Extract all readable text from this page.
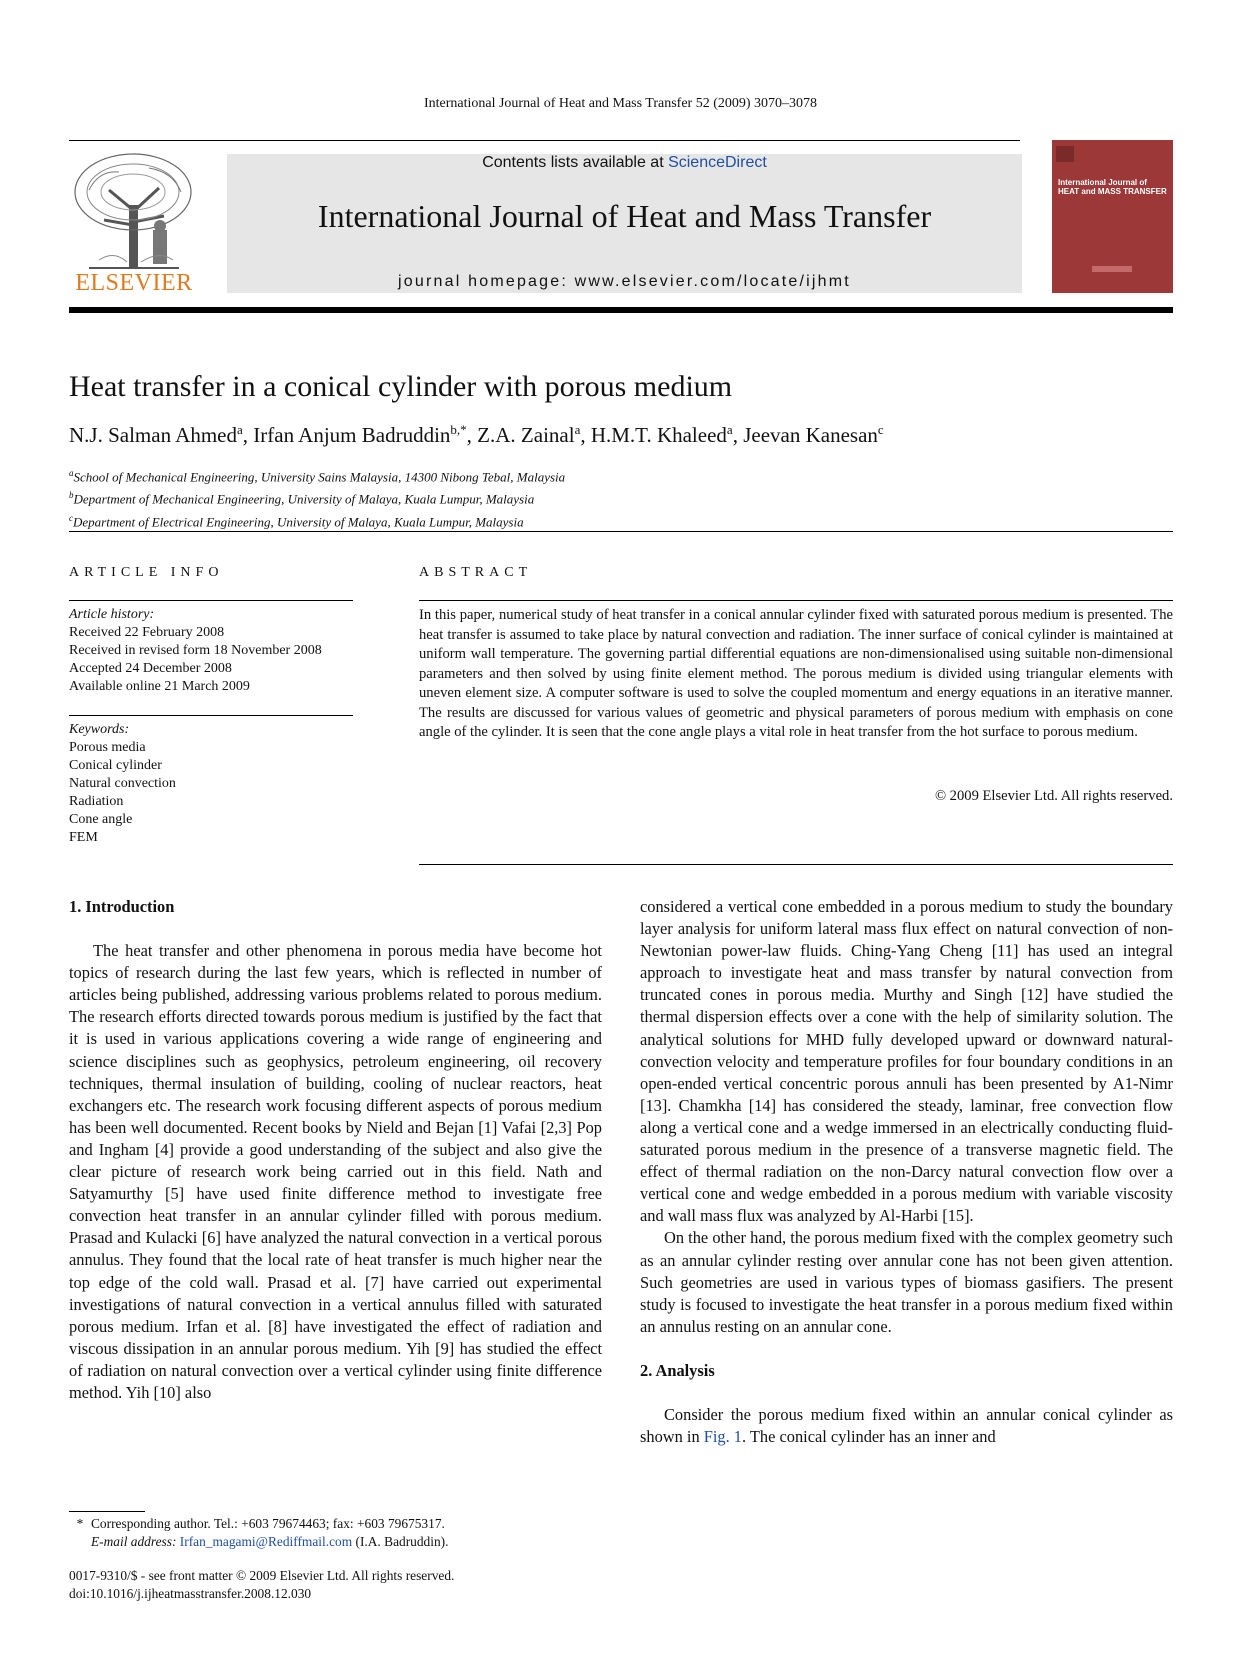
International Journal of Heat and Mass Transfer 52 (2009) 3070–3078
ELSEVIER
Contents lists available at ScienceDirect
International Journal of Heat and Mass Transfer
journal homepage: www.elsevier.com/locate/ijhmt
International Journal of HEAT and MASS TRANSFER
Heat transfer in a conical cylinder with porous medium
N.J. Salman Ahmed$^a$, Irfan Anjum Badruddin$^{b,*}$, Z.A. Zainal$^a$, H.M.T. Khaleed$^a$, Jeevan Kanesan$^c$
$^a$School of Mechanical Engineering, University Sains Malaysia, 14300 Nibong Tebal, Malaysia
$^b$Department of Mechanical Engineering, University of Malaya, Kuala Lumpur, Malaysia
$^c$Department of Electrical Engineering, University of Malaya, Kuala Lumpur, Malaysia
ARTICLE INFO
Article history:
Received 22 February 2008
Received in revised form 18 November 2008
Accepted 24 December 2008
Available online 21 March 2009
Keywords:
Porous media
Conical cylinder
Natural convection
Radiation
Cone angle
FEM
ABSTRACT
In this paper, numerical study of heat transfer in a conical annular cylinder fixed with saturated porous medium is presented. The heat transfer is assumed to take place by natural convection and radiation. The inner surface of conical cylinder is maintained at uniform wall temperature. The governing partial differential equations are non-dimensionalised using suitable non-dimensional parameters and then solved by using finite element method. The porous medium is divided using triangular elements with uneven element size. A computer software is used to solve the coupled momentum and energy equations in an iterative manner. The results are discussed for various values of geometric and physical parameters of porous medium with emphasis on cone angle of the cylinder. It is seen that the cone angle plays a vital role in heat transfer from the hot surface to porous medium.
© 2009 Elsevier Ltd. All rights reserved.
1. Introduction

The heat transfer and other phenomena in porous media have become hot topics of research during the last few years, which is reflected in number of articles being published, addressing various problems related to porous medium. The research efforts directed towards porous medium is justified by the fact that it is used in various applications covering a wide range of engineering and science disciplines such as geophysics, petroleum engineering, oil recovery techniques, thermal insulation of building, cooling of nuclear reactors, heat exchangers etc. The research work focusing different aspects of porous medium has been well documented. Recent books by Nield and Bejan [1] Vafai [2,3] Pop and Ingham [4] provide a good understanding of the subject and also give the clear picture of research work being carried out in this field. Nath and Satyamurthy [5] have used finite difference method to investigate free convection heat transfer in an annular cylinder filled with porous medium. Prasad and Kulacki [6] have analyzed the natural convection in a vertical porous annulus. They found that the local rate of heat transfer is much higher near the top edge of the cold wall. Prasad et al. [7] have carried out experimental investigations of natural convection in a vertical annulus filled with saturated porous medium. Irfan et al. [8] have investigated the effect of radiation and viscous dissipation in an annular porous medium. Yih [9] has studied the effect of radiation on natural convection over a vertical cylinder using finite difference method. Yih [10] also

considered a vertical cone embedded in a porous medium to study the boundary layer analysis for uniform lateral mass flux effect on natural convection of non-Newtonian power-law fluids. Ching-Yang Cheng [11] has used an integral approach to investigate heat and mass transfer by natural convection from truncated cones in porous media. Murthy and Singh [12] have studied the thermal dispersion effects over a cone with the help of similarity solution. The analytical solutions for MHD fully developed upward or downward natural-convection velocity and temperature profiles for four boundary conditions in an open-ended vertical concentric porous annuli has been presented by A1-Nimr [13]. Chamkha [14] has considered the steady, laminar, free convection flow along a vertical cone and a wedge immersed in an electrically conducting fluid-saturated porous medium in the presence of a transverse magnetic field. The effect of thermal radiation on the non-Darcy natural convection flow over a vertical cone and wedge embedded in a porous medium with variable viscosity and wall mass flux was analyzed by Al-Harbi [15].

On the other hand, the porous medium fixed with the complex geometry such as an annular cylinder resting over annular cone has not been given attention. Such geometries are used in various types of biomass gasifiers. The present study is focused to investigate the heat transfer in a porous medium fixed within an annulus resting on an annular cone.

2. Analysis

Consider the porous medium fixed within an annular conical cylinder as shown in Fig. 1. The conical cylinder has an inner and

* Corresponding author. Tel.: +603 79674463; fax: +603 79675317.
E-mail address: Irfan_magami@Rediffmail.com (I.A. Badruddin).
0017-9310/$ - see front matter © 2009 Elsevier Ltd. All rights reserved.
doi:10.1016/j.ijheatmasstransfer.2008.12.030
